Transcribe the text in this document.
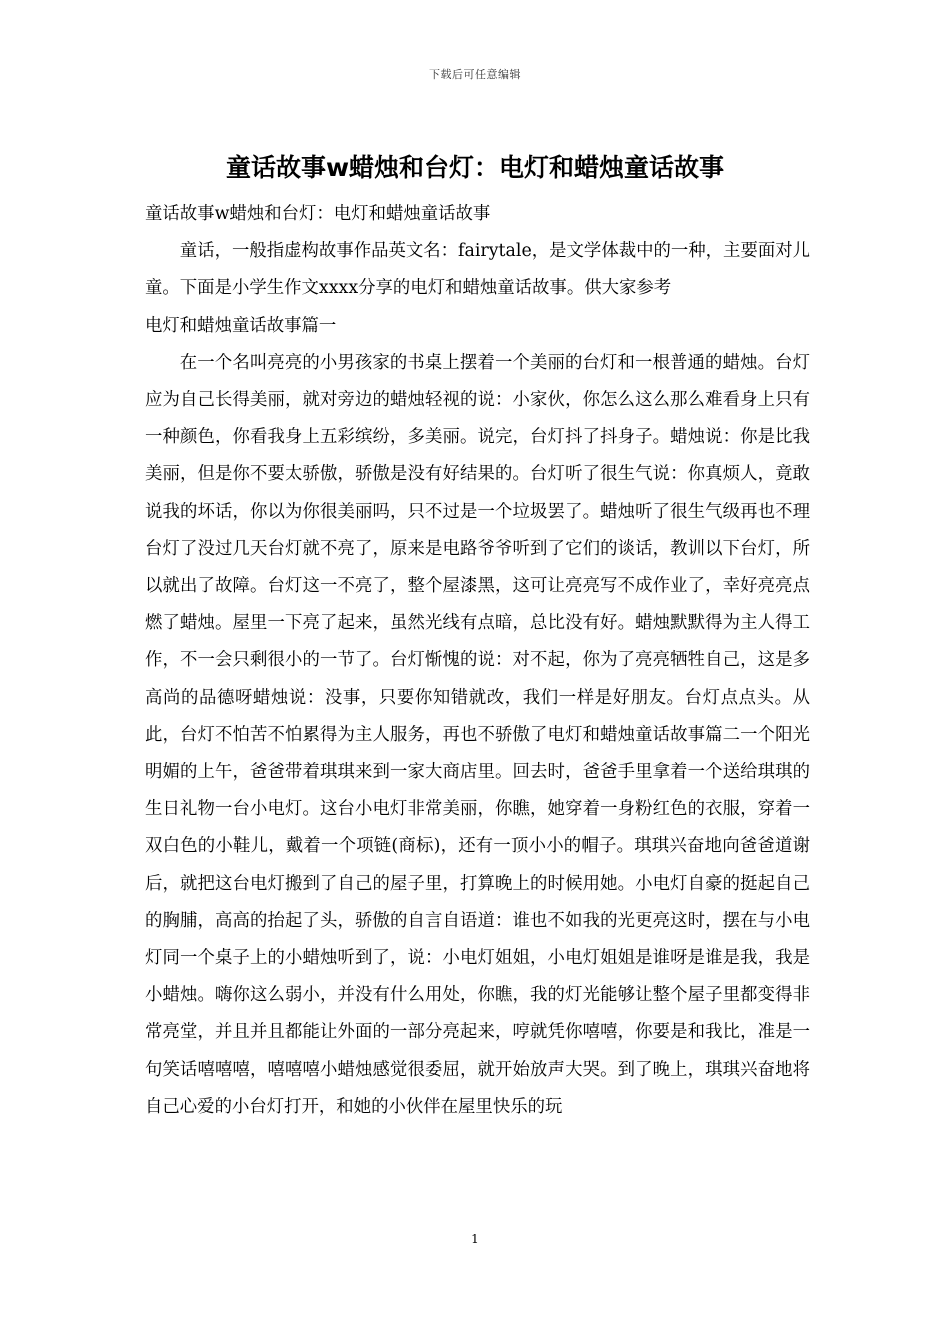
下载后可任意编辑
童话故事w蜡烛和台灯：电灯和蜡烛童话故事

童话故事w蜡烛和台灯：电灯和蜡烛童话故事

童话，一般指虚构故事作品英文名：fairytale，是文学体裁中的一种，主要面对儿童。下面是小学生作文xxxx分享的电灯和蜡烛童话故事。供大家参考

电灯和蜡烛童话故事篇一

在一个名叫亮亮的小男孩家的书桌上摆着一个美丽的台灯和一根普通的蜡烛。台灯应为自己长得美丽，就对旁边的蜡烛轻视的说：小家伙，你怎么这么那么难看身上只有一种颜色，你看我身上五彩缤纷，多美丽。说完，台灯抖了抖身子。蜡烛说：你是比我美丽，但是你不要太骄傲，骄傲是没有好结果的。台灯听了很生气说：你真烦人，竟敢说我的坏话，你以为你很美丽吗，只不过是一个垃圾罢了。蜡烛听了很生气级再也不理台灯了没过几天台灯就不亮了，原来是电路爷爷听到了它们的谈话，教训以下台灯，所以就出了故障。台灯这一不亮了，整个屋漆黑，这可让亮亮写不成作业了，幸好亮亮点燃了蜡烛。屋里一下亮了起来，虽然光线有点暗，总比没有好。蜡烛默默得为主人得工作，不一会只剩很小的一节了。台灯惭愧的说：对不起，你为了亮亮牺牲自己，这是多高尚的品德呀蜡烛说：没事，只要你知错就改，我们一样是好朋友。台灯点点头。从此，台灯不怕苦不怕累得为主人服务，再也不骄傲了电灯和蜡烛童话故事篇二一个阳光明媚的上午，爸爸带着琪琪来到一家大商店里。回去时，爸爸手里拿着一个送给琪琪的生日礼物一台小电灯。这台小电灯非常美丽，你瞧，她穿着一身粉红色的衣服，穿着一双白色的小鞋儿，戴着一个项链(商标)，还有一顶小小的帽子。琪琪兴奋地向爸爸道谢后，就把这台电灯搬到了自己的屋子里，打算晚上的时候用她。小电灯自豪的挺起自己的胸脯，高高的抬起了头，骄傲的自言自语道：谁也不如我的光更亮这时，摆在与小电灯同一个桌子上的小蜡烛听到了，说：小电灯姐姐，小电灯姐姐是谁呀是谁是我，我是小蜡烛。嗨你这么弱小，并没有什么用处，你瞧，我的灯光能够让整个屋子里都变得非常亮堂，并且并且都能让外面的一部分亮起来，哼就凭你嘻嘻，你要是和我比，准是一句笑话嘻嘻嘻，嘻嘻嘻小蜡烛感觉很委屈，就开始放声大哭。到了晚上，琪琪兴奋地将自己心爱的小台灯打开，和她的小伙伴在屋里快乐的玩

1
